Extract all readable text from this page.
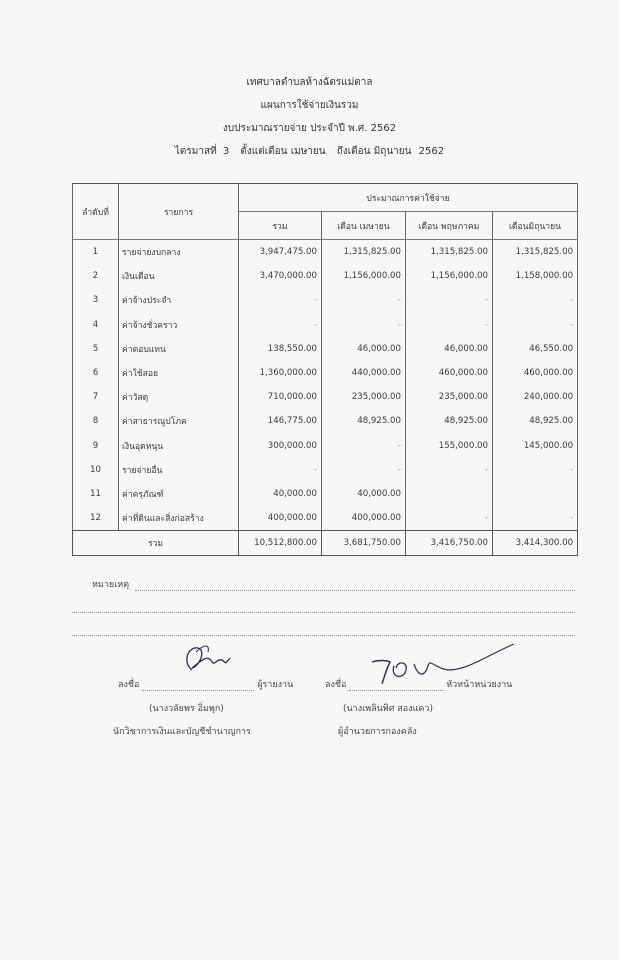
เทศบาลตำบลห้างฉัตรแม่ตาล
แผนการใช้จ่ายเงินรวม
งบประมาณรายจ่าย ประจำปี พ.ศ. 2562
ไตรมาสที่ 3 ตั้งแต่เดือน เมษายน ถึงเดือน มิถุนายน 2562
ลำดับที่	รายการ	ประมาณการค่าใช้จ่าย			
		รวม	เดือน เมษายน	เดือน พฤษภาคม	เดือนมิถุนายน
1	รายจ่ายงบกลาง	3,947,475.00	1,315,825.00	1,315,825.00	1,315,825.00
2	เงินเดือน	3,470,000.00	1,156,000.00	1,156,000.00	1,158,000.00
3	ค่าจ้างประจำ	-	-	-	-
4	ค่าจ้างชั่วคราว	-	-	-	-
5	ค่าตอบแทน	138,550.00	46,000.00	46,000.00	46,550.00
6	ค่าใช้สอย	1,360,000.00	440,000.00	460,000.00	460,000.00
7	ค่าวัสดุ	710,000.00	235,000.00	235,000.00	240,000.00
8	ค่าสาธารณูปโภค	146,775.00	48,925.00	48,925.00	48,925.00
9	เงินอุดหนุน	300,000.00	-	155,000.00	145,000.00
10	รายจ่ายอื่น	-	-	-	-
11	ค่าครุภัณฑ์	40,000.00	40,000.00		
12	ค่าที่ดินและสิ่งก่อสร้าง	400,000.00	400,000.00	-	-
รวม		10,512,800.00	3,681,750.00	3,416,750.00	3,414,300.00
หมายเหตุ
ลงชื่อ	ผู้รายงาน
(นางวลัยพร อิ่มพุก)
นักวิชาการเงินและบัญชีชำนาญการ
ลงชื่อ	หัวหน้าหน่วยงาน
(นางเพลินพิศ สองแคว)
ผู้อำนวยการกองคลัง
